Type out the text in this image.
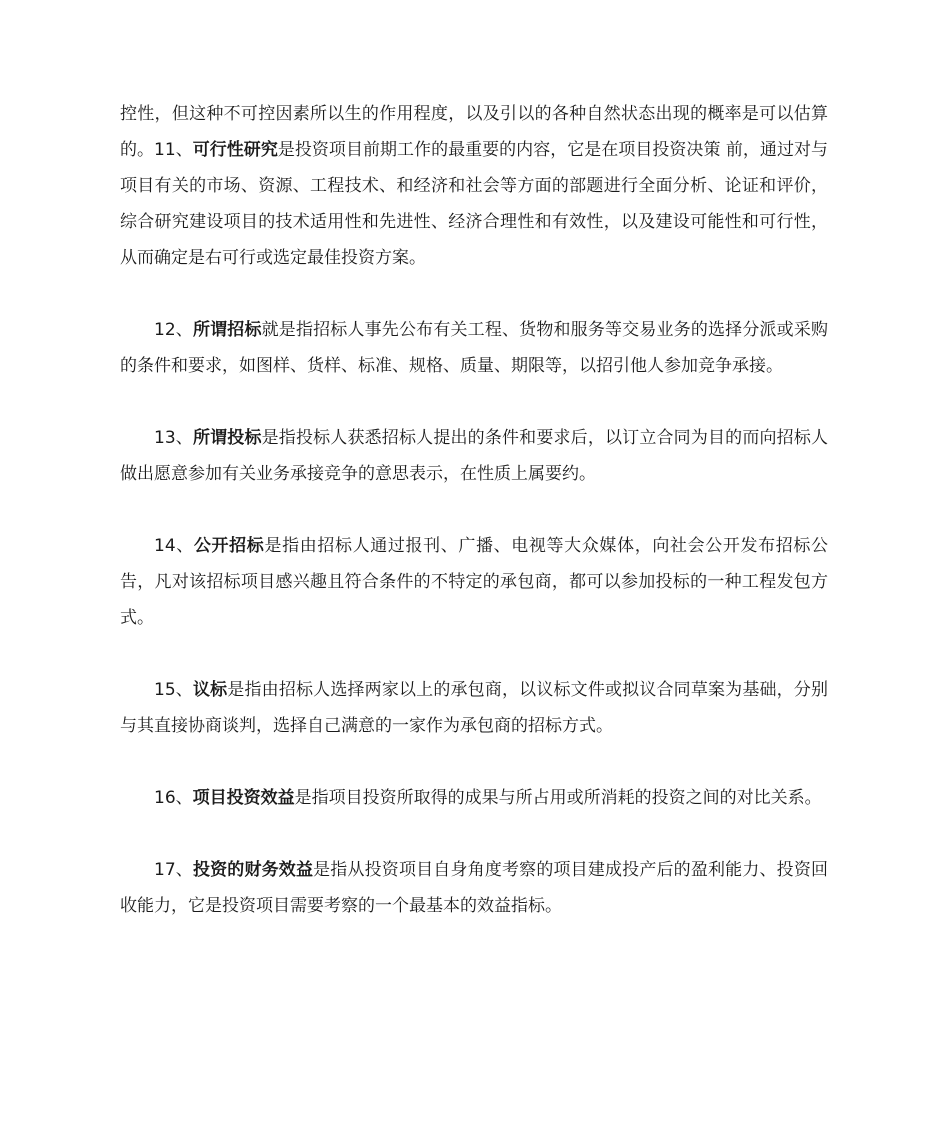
控性，但这种不可控因素所以生的作用程度，以及引以的各种自然状态出现的概率是可以估算的。11、可行性研究是投资项目前期工作的最重要的内容，它是在项目投资决策 前，通过对与项目有关的市场、资源、工程技术、和经济和社会等方面的部题进行全面分析、论证和评价，综合研究建设项目的技术适用性和先进性、经济合理性和有效性，以及建设可能性和可行性，从而确定是右可行或选定最佳投资方案。

12、所谓招标就是指招标人事先公布有关工程、货物和服务等交易业务的选择分派或采购的条件和要求，如图样、货样、标准、规格、质量、期限等，以招引他人参加竞争承接。

13、所谓投标是指投标人获悉招标人提出的条件和要求后，以订立合同为目的而向招标人做出愿意参加有关业务承接竞争的意思表示，在性质上属要约。

14、公开招标是指由招标人通过报刊、广播、电视等大众媒体，向社会公开发布招标公告，凡对该招标项目感兴趣且符合条件的不特定的承包商，都可以参加投标的一种工程发包方式。

15、议标是指由招标人选择两家以上的承包商，以议标文件或拟议合同草案为基础，分别与其直接协商谈判，选择自己满意的一家作为承包商的招标方式。

16、项目投资效益是指项目投资所取得的成果与所占用或所消耗的投资之间的对比关系。

17、投资的财务效益是指从投资项目自身角度考察的项目建成投产后的盈利能力、投资回收能力，它是投资项目需要考察的一个最基本的效益指标。
